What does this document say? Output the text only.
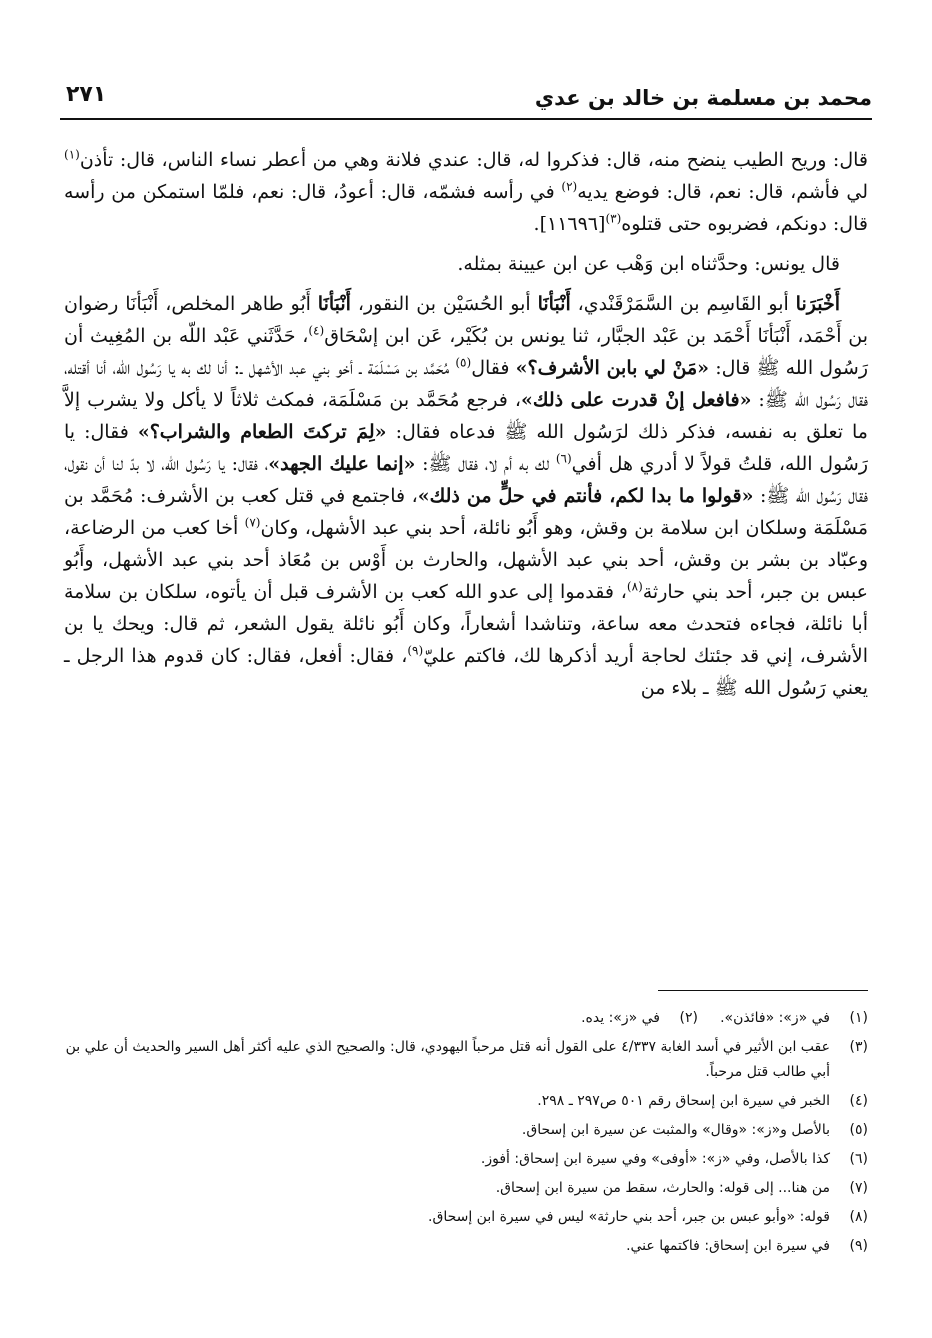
محمد بن مسلمة بن خالد بن عدي
٢٧١

قال: وريح الطيب ينضح منه، قال: فذكروا له، قال: عندي فلانة وهي من أعطر نساء الناس، قال: تأذن$^{(١)}$ لي فأشم، قال: نعم، قال: فوضع يديه$^{(٢)}$ في رأسه فشمّه، قال: أعودُ، قال: نعم، فلمّا استمكن من رأسه قال: دونكم، فضربوه حتى قتلوه$^{(٣)}$[١١٦٩٦].

قال يونس: وحدَّثناه ابن وَهْب عن ابن عيينة بمثله.

أَخْبَرَنا أبو القَاسِم بن السَّمَرْقَنْدي، أَنْبَأنَا أبو الحُسَيْن بن النقور، أَنْبَأنَا أَبُو طاهر المخلص، أَنْبَأنَا رضوان بن أَحْمَد، أَنْبَأنَا أَحْمَد بن عَبْد الجبَّار، ثنا يونس بن بُكَيْر، عَن ابن إسْحَاق$^{(٤)}$، حَدَّثَني عَبْد اللّه بن المُغِيث أن رَسُول الله ﷺ قال: «مَنْ لي بابن الأشرف؟» فقال$^{(٥)}$ مُحَمَّد بن مَسْلَمَة ـ أخو بني عبد الأشهل ـ: أنا لك به يا رَسُول الله، أنا أقتله، فقال رَسُول الله ﷺ: «فافعل إنْ قدرت على ذلك»، فرجع مُحَمَّد بن مَسْلَمَة، فمكث ثلاثاً لا يأكل ولا يشرب إلاَّ ما تعلق به نفسه، فذكر ذلك لرَسُول الله ﷺ فدعاه فقال: «لِمَ تركتَ الطعام والشراب؟» فقال: يا رَسُول الله، قلتُ قولاً لا أدري هل أفي$^{(٦)}$ لك به أم لا، فقال ﷺ: «إنما عليك الجهد»، فقال: يا رَسُول الله، لا بدّ لنا أن نقول، فقال رَسُول الله ﷺ: «قولوا ما بدا لكم، فأنتم في حلٍّ من ذلك»، فاجتمع في قتل كعب بن الأشرف: مُحَمَّد بن مَسْلَمَة وسلكان ابن سلامة بن وقش، وهو أَبُو نائلة، أحد بني عبد الأشهل، وكان$^{(٧)}$ أخا كعب من الرضاعة، وعبّاد بن بشر بن وقش، أحد بني عبد الأشهل، والحارث بن أَوْس بن مُعَاذ أحد بني عبد الأشهل، وأَبُو عبس بن جبر، أحد بني حارثة$^{(٨)}$، فقدموا إلى عدو الله كعب بن الأشرف قبل أن يأتوه، سلكان بن سلامة أبا نائلة، فجاءه فتحدث معه ساعة، وتناشدا أشعاراً، وكان أَبُو نائلة يقول الشعر، ثم قال: ويحك يا بن الأشرف، إني قد جئتك لحاجة أريد أذكرها لك، فاكتم عليّ$^{(٩)}$، فقال: أفعل، فقال: كان قدوم هذا الرجل ـ يعني رَسُول الله ﷺ ـ بلاء من

(١)
في «ز»: «فائذن».
(٢)
في «ز»: يده.
(٣)
عقب ابن الأثير في أسد الغابة ٤/٣٣٧ على القول أنه قتل مرحباً اليهودي، قال: والصحيح الذي عليه أكثر أهل السير والحديث أن علي بن أبي طالب قتل مرحباً.
(٤)
الخبر في سيرة ابن إسحاق رقم ٥٠١ ص٢٩٧ ـ ٢٩٨.
(٥)
بالأصل و«ز»: «وقال» والمثبت عن سيرة ابن إسحاق.
(٦)
كذا بالأصل، وفي «ز»: «أوفى» وفي سيرة ابن إسحاق: أفوز.
(٧)
من هنا... إلى قوله: والحارث، سقط من سيرة ابن إسحاق.
(٨)
قوله: «وأبو عبس بن جبر، أحد بني حارثة» ليس في سيرة ابن إسحاق.
(٩)
في سيرة ابن إسحاق: فاكتمها عني.
